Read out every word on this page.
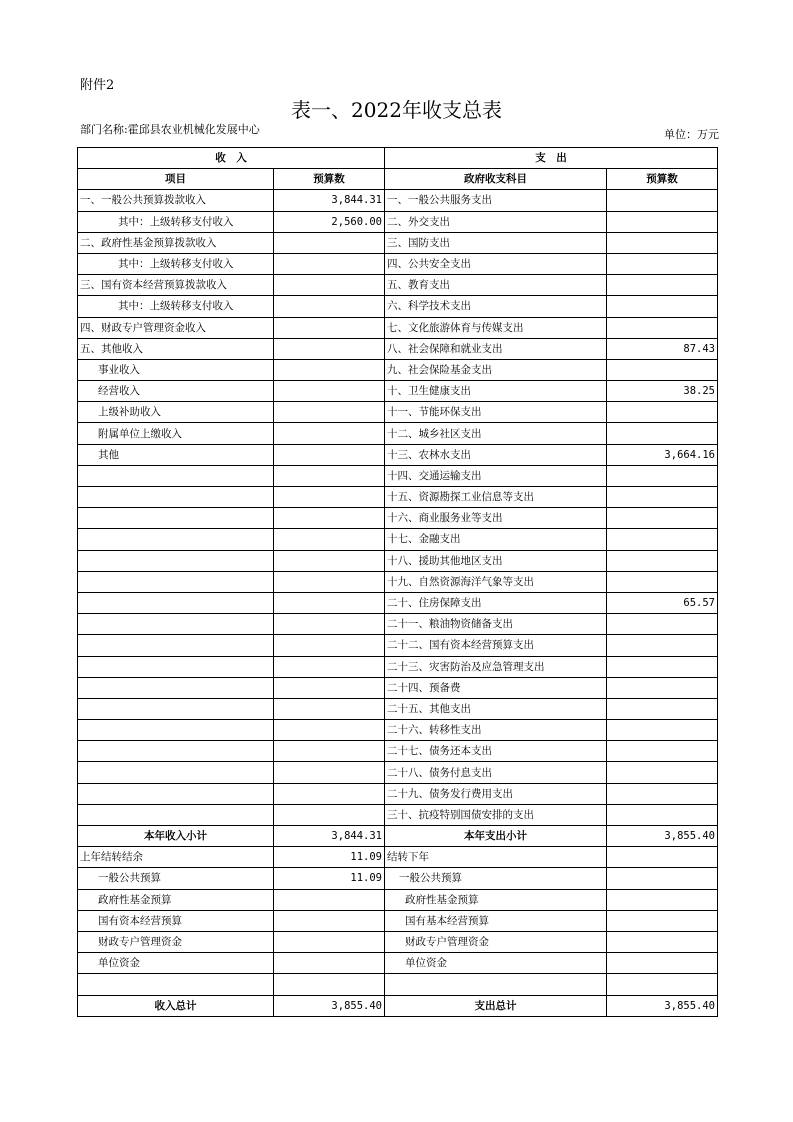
附件2
表一、2022年收支总表
部门名称:霍邱县农业机械化发展中心	单位：万元
收　入		支　出	
项目	预算数	政府收支科目	预算数
一、一般公共预算拨款收入	3,844.31	一、一般公共服务支出	
其中：上级转移支付收入	2,560.00	二、外交支出	
二、政府性基金预算拨款收入		三、国防支出	
其中：上级转移支付收入		四、公共安全支出	
三、国有资本经营预算拨款收入		五、教育支出	
其中：上级转移支付收入		六、科学技术支出	
四、财政专户管理资金收入		七、文化旅游体育与传媒支出	
五、其他收入		八、社会保障和就业支出	87.43
事业收入		九、社会保险基金支出	
经营收入		十、卫生健康支出	38.25
上级补助收入		十一、节能环保支出	
附属单位上缴收入		十二、城乡社区支出	
其他		十三、农林水支出	3,664.16
		十四、交通运输支出	
		十五、资源勘探工业信息等支出	
		十六、商业服务业等支出	
		十七、金融支出	
		十八、援助其他地区支出	
		十九、自然资源海洋气象等支出	
		二十、住房保障支出	65.57
		二十一、粮油物资储备支出	
		二十二、国有资本经营预算支出	
		二十三、灾害防治及应急管理支出	
		二十四、预备费	
		二十五、其他支出	
		二十六、转移性支出	
		二十七、债务还本支出	
		二十八、债务付息支出	
		二十九、债务发行费用支出	
		三十、抗疫特别国债安排的支出	
本年收入小计	3,844.31	本年支出小计	3,855.40
上年结转结余	11.09	结转下年	
一般公共预算	11.09	一般公共预算	
政府性基金预算		政府性基金预算	
国有资本经营预算		国有基本经营预算	
财政专户管理资金		财政专户管理资金	
单位资金		单位资金	

收入总计	3,855.40	支出总计	3,855.40
